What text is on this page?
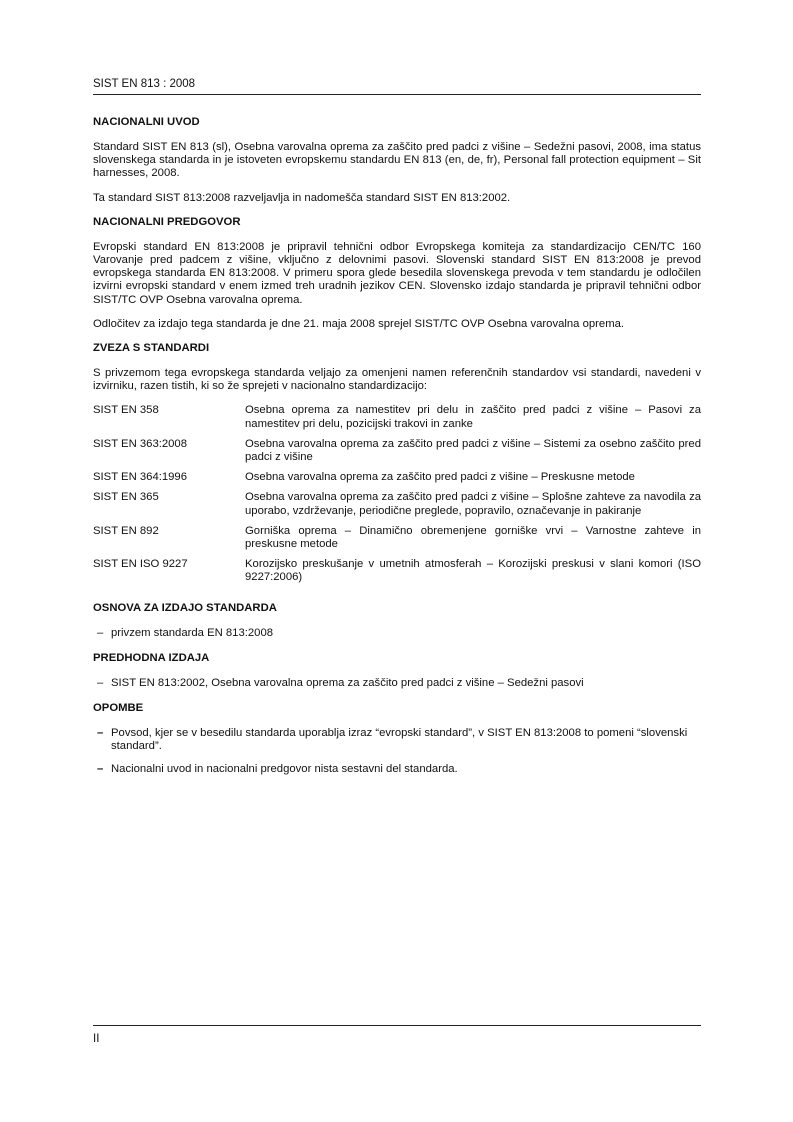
SIST EN 813 : 2008
NACIONALNI UVOD

Standard SIST EN 813 (sl), Osebna varovalna oprema za zaščito pred padci z višine – Sedežni pasovi, 2008, ima status slovenskega standarda in je istoveten evropskemu standardu EN 813 (en, de, fr), Personal fall protection equipment – Sit harnesses, 2008.

Ta standard SIST 813:2008 razveljavlja in nadomešča standard SIST EN 813:2002.

NACIONALNI PREDGOVOR

Evropski standard EN 813:2008 je pripravil tehnični odbor Evropskega komiteja za standardizacijo CEN/TC 160 Varovanje pred padcem z višine, vključno z delovnimi pasovi. Slovenski standard SIST EN 813:2008 je prevod evropskega standarda EN 813:2008. V primeru spora glede besedila slovenskega prevoda v tem standardu je odločilen izvirni evropski standard v enem izmed treh uradnih jezikov CEN. Slovensko izdajo standarda je pripravil tehnični odbor SIST/TC OVP Osebna varovalna oprema.

Odločitev za izdajo tega standarda je dne 21. maja 2008 sprejel SIST/TC OVP Osebna varovalna oprema.

ZVEZA S STANDARDI

S privzemom tega evropskega standarda veljajo za omenjeni namen referenčnih standardov vsi standardi, navedeni v izvirniku, razen tistih, ki so že sprejeti v nacionalno standardizacijo:

SIST EN 358	Osebna oprema za namestitev pri delu in zaščito pred padci z višine – Pasovi za namestitev pri delu, pozicijski trakovi in zanke
SIST EN 363:2008	Osebna varovalna oprema za zaščito pred padci z višine – Sistemi za osebno zaščito pred padci z višine
SIST EN 364:1996	Osebna varovalna oprema za zaščito pred padci z višine – Preskusne metode
SIST EN 365	Osebna varovalna oprema za zaščito pred padci z višine – Splošne zahteve za navodila za uporabo, vzdrževanje, periodične preglede, popravilo, označevanje in pakiranje
SIST EN 892	Gorniška oprema – Dinamično obremenjene gorniške vrvi – Varnostne zahteve in preskusne metode
SIST EN ISO 9227	Korozijsko preskušanje v umetnih atmosferah – Korozijski preskusi v slani komori (ISO 9227:2006)
OSNOVA ZA IZDAJO STANDARDA
– privzem standarda EN 813:2008
PREDHODNA IZDAJA
– SIST EN 813:2002, Osebna varovalna oprema za zaščito pred padci z višine – Sedežni pasovi
OPOMBE
– Povsod, kjer se v besedilu standarda uporablja izraz “evropski standard”, v SIST EN 813:2008 to pomeni “slovenski standard”.
– Nacionalni uvod in nacionalni predgovor nista sestavni del standarda.
II
